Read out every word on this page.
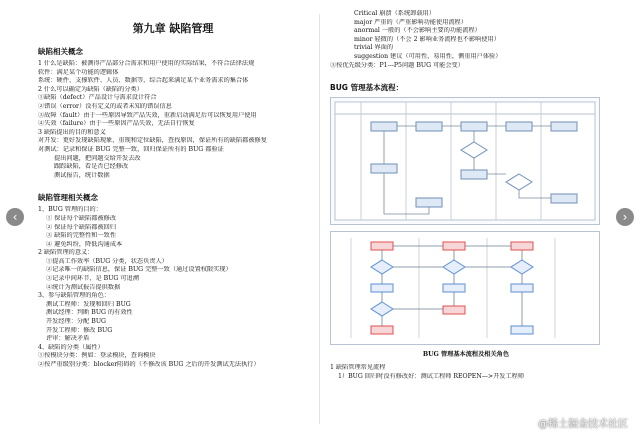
‹	›
第九章 缺陷管理
缺陷相关概念
1 什么是缺陷：被测得产品部分合需求和用户使用的实际结果，不符合法律法规
软件：满足某个功能的逻辑体
系统：硬件、支撑软件、人员、数据等，综合起来满足某个业务需求的集合体
2 什么可以确定为缺陷（缺陷的分类）
①缺陷（defect）产品设计与需求设计符合
②错误（error）没有定义的或者未知的错误信息
③故障（fault）由于一些原因导致产品失效，重新启动满足后可以恢复用户使用
④失效（failure）由于一些原因产品失效，无法自行恢复
3 缺陷提出的目的和意义
对开发：更好发现缺陷现象，重现和定位缺陷，查找原因，保证所有的缺陷都被修复
对测试：记录和保证 BUG 完整一致，回归保证所有的 BUG 都验证
提出问题，把问题交给开发去改
跟踪缺陷，看是否已经修改
测试报告，统计数据
缺陷管理相关概念
1、BUG 管理的目的：
① 保证每个缺陷都被修改
② 保证每个缺陷都被回归
③ 缺陷的完整性和一致性
④ 避免纠纷，降低沟通成本
2 缺陷管理的意义：
①提高工作效率（BUG 分类，状态负责人）
②记录唯一的缺陷信息，保证 BUG 完整一致（通过设置权限实现）
③记录中间环节，是 BUG 可追溯
④统计为测试报告提供数据
3、参与缺陷管理的角色：
测试工程师：发现和回归 BUG
测试经理：判断 BUG 的有效性
开发经理：分配 BUG
开发工程师：修改 BUG
评审：解决矛盾
4、缺陷的分类（属性）
①按模块分类：例如：登录模块，查询模块
②按严重级别分类：blocker阻碍的（不修改该 BUG 之后的开发测试无法执行）
Critical 崩溃（系统卸载用）
major 严重的（严重影响功能使用流程）
anormal 一般的（不会影响主要的功能流程）
minor 轻微的（不会 2 影响业务流程也不影响使用）
trivial 界面的
suggestion 建议（可用性，易用性，侧重用户体验）
③按优先级分类：P1---P5问题 BUG 可能会变）
BUG 管理基本流程：
BUG 管理基本流程及相关角色
1 缺陷管理常见流程
1）BUG 回归时没有修改好：测试工程师 REOPEN—>开发工程师
@稀土掘金技术社区
